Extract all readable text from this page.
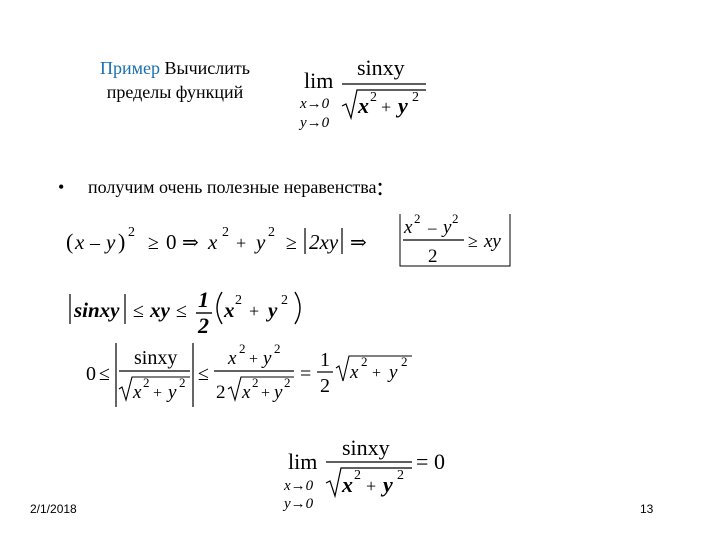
Пример Вычислить
пределы функций
• получим очень полезные неравенства:
2/1/2018	13
lim
x→0
y→0
sinxy
x 2 + y 2
( x – y ) 2 ≥ 0 ⇒ x 2
+ y 2 ≥ 2xy ⇒
x 2 – y 2
2
≥ xy
sinxy ≤ xy ≤ 1
2
x 2
+ y 2
0 ≤
sinxy
x 2
+ y 2 ≤
x 2
+ y 2
2 x 2
+ y 2 =
1
2
x
2
+ y
2
lim
x→0
y→0
sinxy
x 2
+ y 2
= 0
